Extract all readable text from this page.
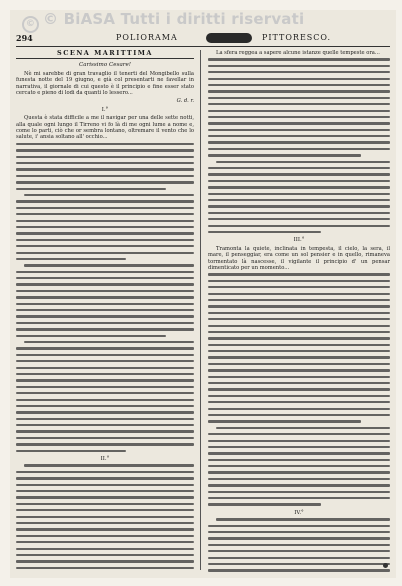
© © BiASA Tutti i diritti riservati
294	POLIORAMA	PITTORESCO.
SCENA MARITTIMA
Carissimo Cesare!
Nè mi sarebbe di gran travaglio il tenerti del Mongibello sulla funesta notte del 19 giugno, e già col presentarti ne favellar in narrativa, il giornale di cui questo è il principio e fine esser stato cercato e pieno di lodi da quanti lo lessero...
G. d. r.
I.°
Questa è stata difficile a me il navigar per una delle sette notti, alla quale ogni lungo il Tirreno vi fo là di me ogni lume a nome e, come lo parti, ciò che or sembra lontano, oltremare il vento che lo salute, i' ansia soltano all' occhio...
II.°
La sfera reggea a sapere alcune istanze quelle tempeste ora...
III.°
Tramonta la quiete, inclinata in tempesta, il cielo, la sera, il mare, il penseggiar, era come un sol pensier e in quello, rimaneva tormentato là nascesse, il vigilante il principio d' un pensar dimenticato per un momento...
IV.°
